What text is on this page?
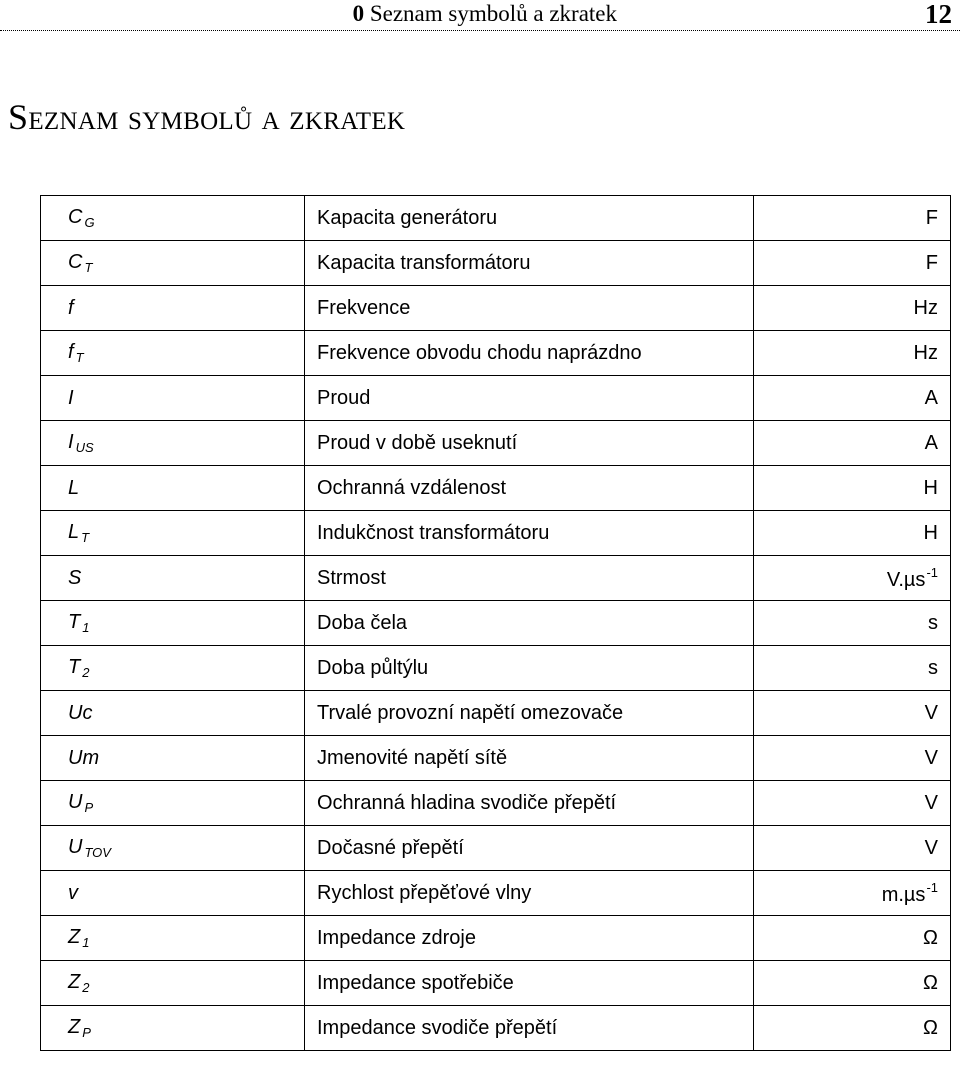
0 Seznam symbolů a zkratek	12
Seznam symbolů a zkratek
C $_G$	Kapacita generátoru	F
C $_T$	Kapacita transformátoru	F
f	Frekvence	Hz
f $_T$	Frekvence obvodu chodu naprázdno	Hz
I	Proud	A
I $_{US}$	Proud v době useknutí	A
L	Ochranná vzdálenost	H
L $_T$	Indukčnost transformátoru	H
S	Strmost	V.µs$^{-1}$
T $_1$	Doba čela	s
T $_2$	Doba půltýlu	s
Uc	Trvalé provozní napětí omezovače	V
Um	Jmenovité napětí sítě	V
U $_P$	Ochranná hladina svodiče přepětí	V
U $_{TOV}$	Dočasné přepětí	V
v	Rychlost přepěťové vlny	m.µs$^{-1}$
Z $_1$	Impedance zdroje	Ω
Z $_2$	Impedance spotřebiče	Ω
Z $_P$	Impedance svodiče přepětí	Ω
